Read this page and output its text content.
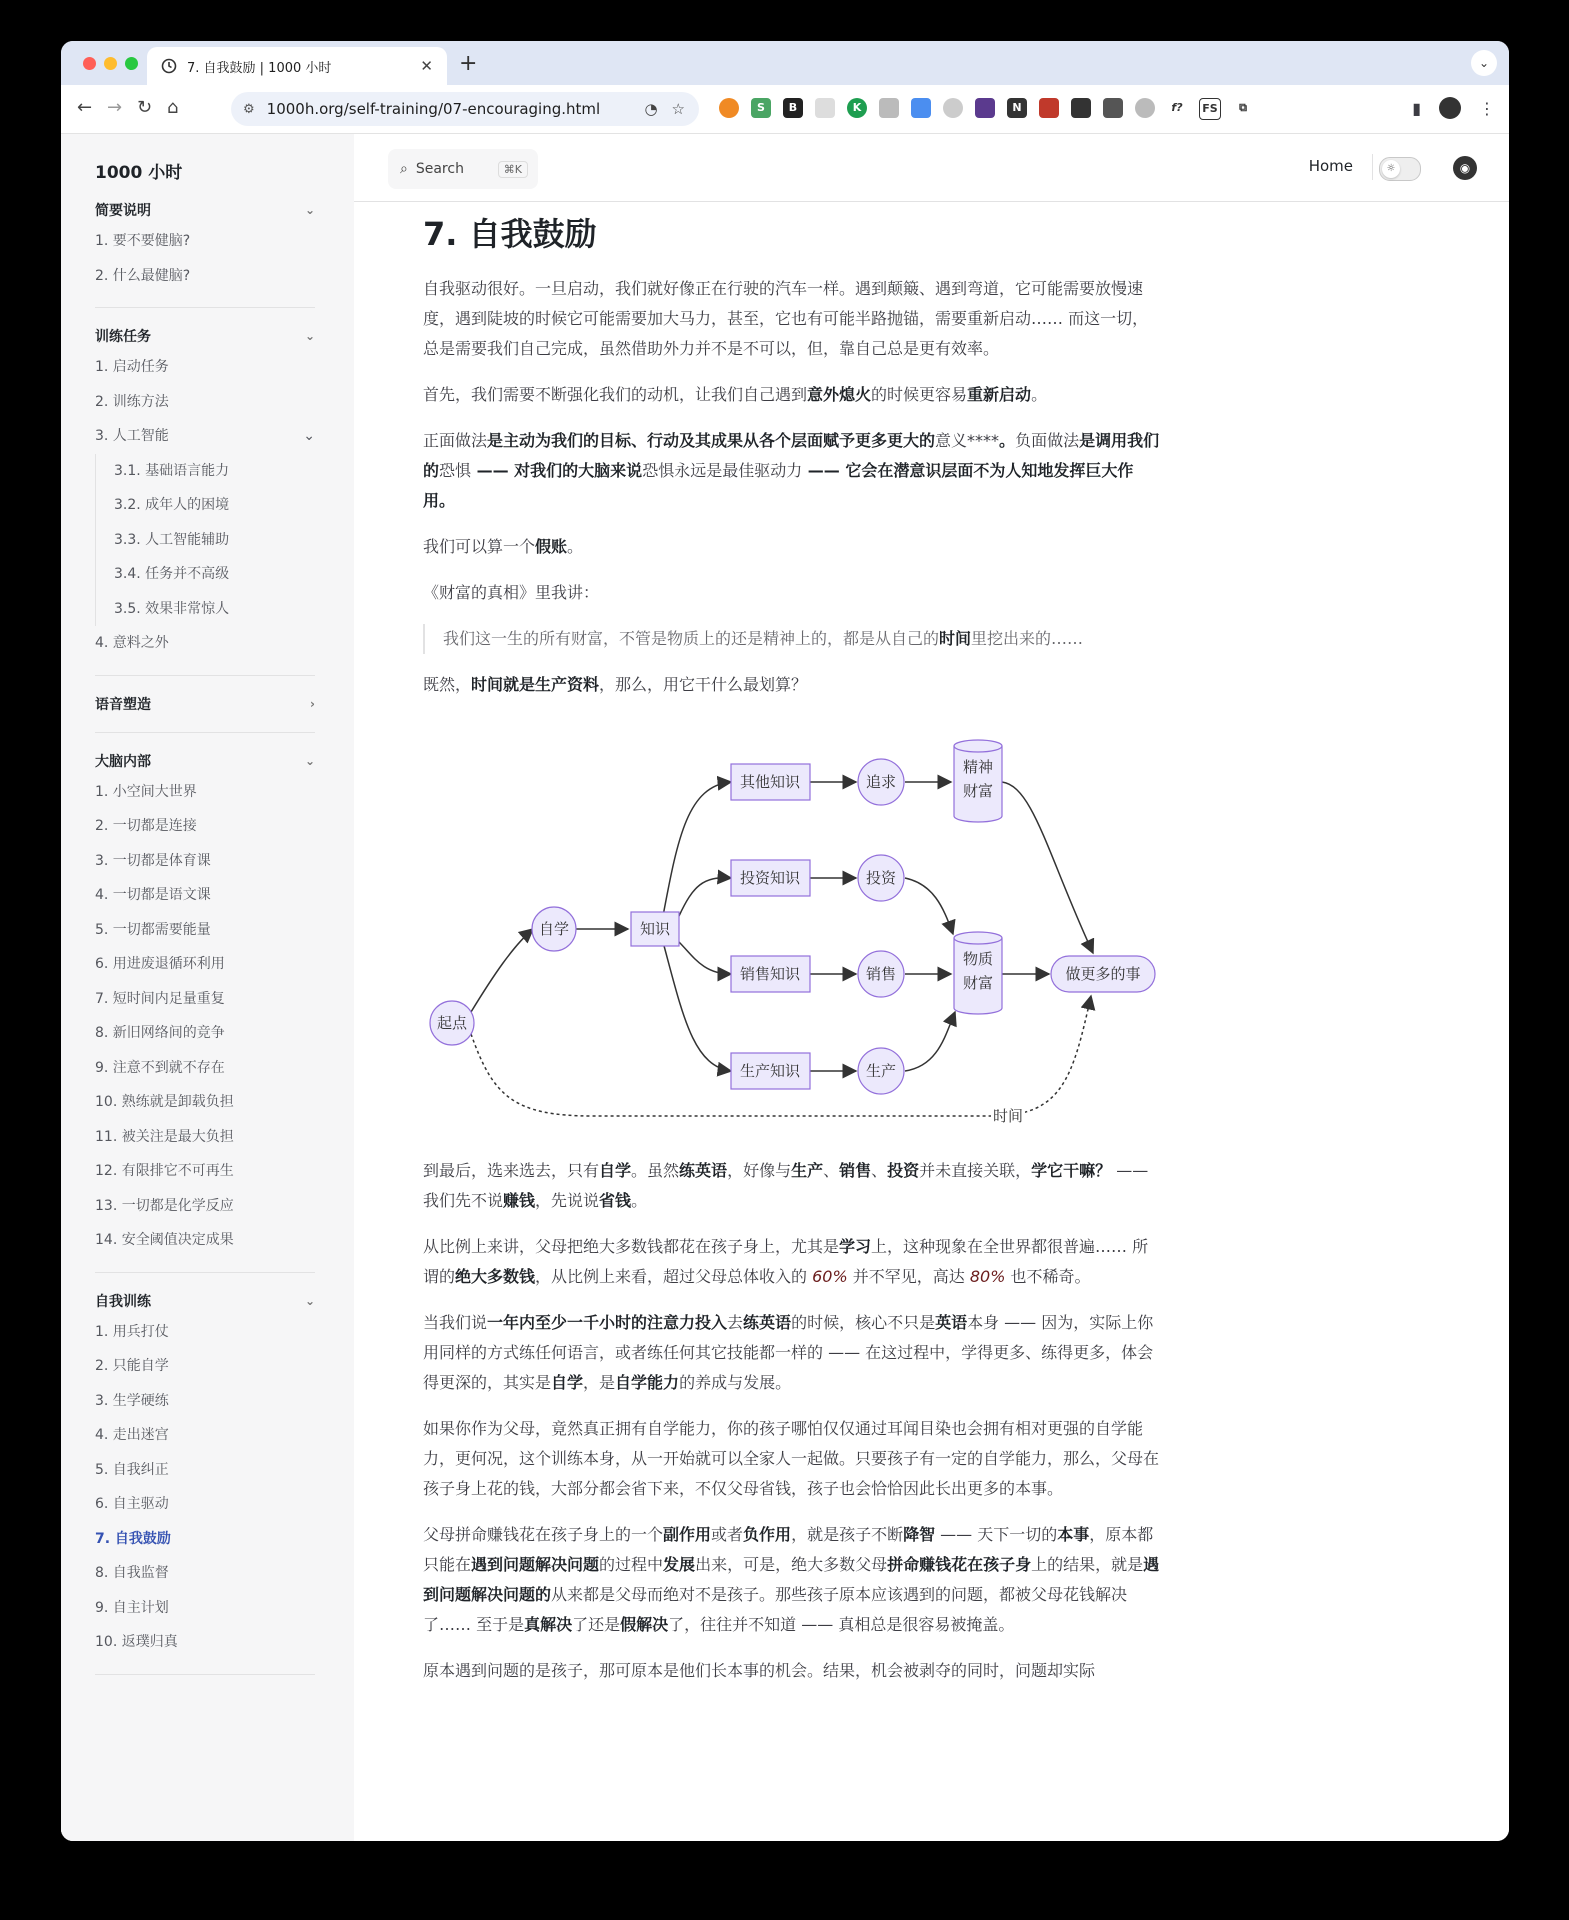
7. 自我鼓励 | 1000 小时	✕ +	⌄
← → ↻ ⌂	⚙ 1000h.org/self-training/07-encouraging.html	◔ ☆	S	B	K	N	f?	FS	⧉	▮	⋮
1000 小时
简要说明	⌄
1. 要不要健脑?
2. 什么最健脑?
训练任务	⌄
1. 启动任务
2. 训练方法
3. 人工智能	⌄
3.1. 基础语言能力
3.2. 成年人的困境
3.3. 人工智能辅助
3.4. 任务并不高级
3.5. 效果非常惊人
4. 意料之外
语音塑造	›
大脑内部	⌄
1. 小空间大世界
2. 一切都是连接
3. 一切都是体育课
4. 一切都是语文课
5. 一切都需要能量
6. 用进废退循环利用
7. 短时间内足量重复
8. 新旧网络间的竞争
9. 注意不到就不存在
10. 熟练就是卸载负担
11. 被关注是最大负担
12. 有限排它不可再生
13. 一切都是化学反应
14. 安全阈值决定成果
自我训练	⌄
1. 用兵打仗
2. 只能自学
3. 生学硬练
4. 走出迷宫
5. 自我纠正
6. 自主驱动
7. 自我鼓励
8. 自我监督
9. 自主计划
10. 返璞归真
⌕ Search	⌘K	Home	☼	◉
7. 自我鼓励

自我驱动很好。一旦启动，我们就好像正在行驶的汽车一样。遇到颠簸、遇到弯道，它可能需要放慢速度，遇到陡坡的时候它可能需要加大马力，甚至，它也有可能半路抛锚，需要重新启动…… 而这一切，总是需要我们自己完成，虽然借助外力并不是不可以，但，靠自己总是更有效率。

首先，我们需要不断强化我们的动机，让我们自己遇到意外熄火的时候更容易重新启动。

正面做法是主动为我们的目标、行动及其成果从各个层面赋予更多更大的意义****。负面做法是调用我们的恐惧 —— 对我们的大脑来说恐惧永远是最佳驱动力 —— 它会在潜意识层面不为人知地发挥巨大作用。

我们可以算一个假账。

《财富的真相》里我讲：

我们这一生的所有财富，不管是物质上的还是精神上的，都是从自己的时间里挖出来的……

既然，时间就是生产资料，那么，用它干什么最划算？

时间
起点
自学	知识
其他知识
投资知识
销售知识
生产知识
追求
投资
销售
生产
精神
财富
物质
财富	做更多的事

到最后，选来选去，只有自学。虽然练英语，好像与生产、销售、投资并未直接关联，学它干嘛？ —— 我们先不说赚钱，先说说省钱。

从比例上来讲，父母把绝大多数钱都花在孩子身上，尤其是学习上，这种现象在全世界都很普遍…… 所谓的绝大多数钱，从比例上来看，超过父母总体收入的 60% 并不罕见，高达 80% 也不稀奇。

当我们说一年内至少一千小时的注意力投入去练英语的时候，核心不只是英语本身 —— 因为，实际上你用同样的方式练任何语言，或者练任何其它技能都一样的 —— 在这过程中，学得更多、练得更多，体会得更深的，其实是自学，是自学能力的养成与发展。

如果你作为父母，竟然真正拥有自学能力，你的孩子哪怕仅仅通过耳闻目染也会拥有相对更强的自学能力，更何况，这个训练本身，从一开始就可以全家人一起做。只要孩子有一定的自学能力，那么，父母在孩子身上花的钱，大部分都会省下来，不仅父母省钱，孩子也会恰恰因此长出更多的本事。

父母拼命赚钱花在孩子身上的一个副作用或者负作用，就是孩子不断降智 —— 天下一切的本事，原本都只能在遇到问题解决问题的过程中发展出来，可是，绝大多数父母拼命赚钱花在孩子身上的结果，就是遇到问题解决问题的从来都是父母而绝对不是孩子。那些孩子原本应该遇到的问题，都被父母花钱解决了…… 至于是真解决了还是假解决了，往往并不知道 —— 真相总是很容易被掩盖。

原本遇到问题的是孩子，那可原本是他们长本事的机会。结果，机会被剥夺的同时，问题却实际
